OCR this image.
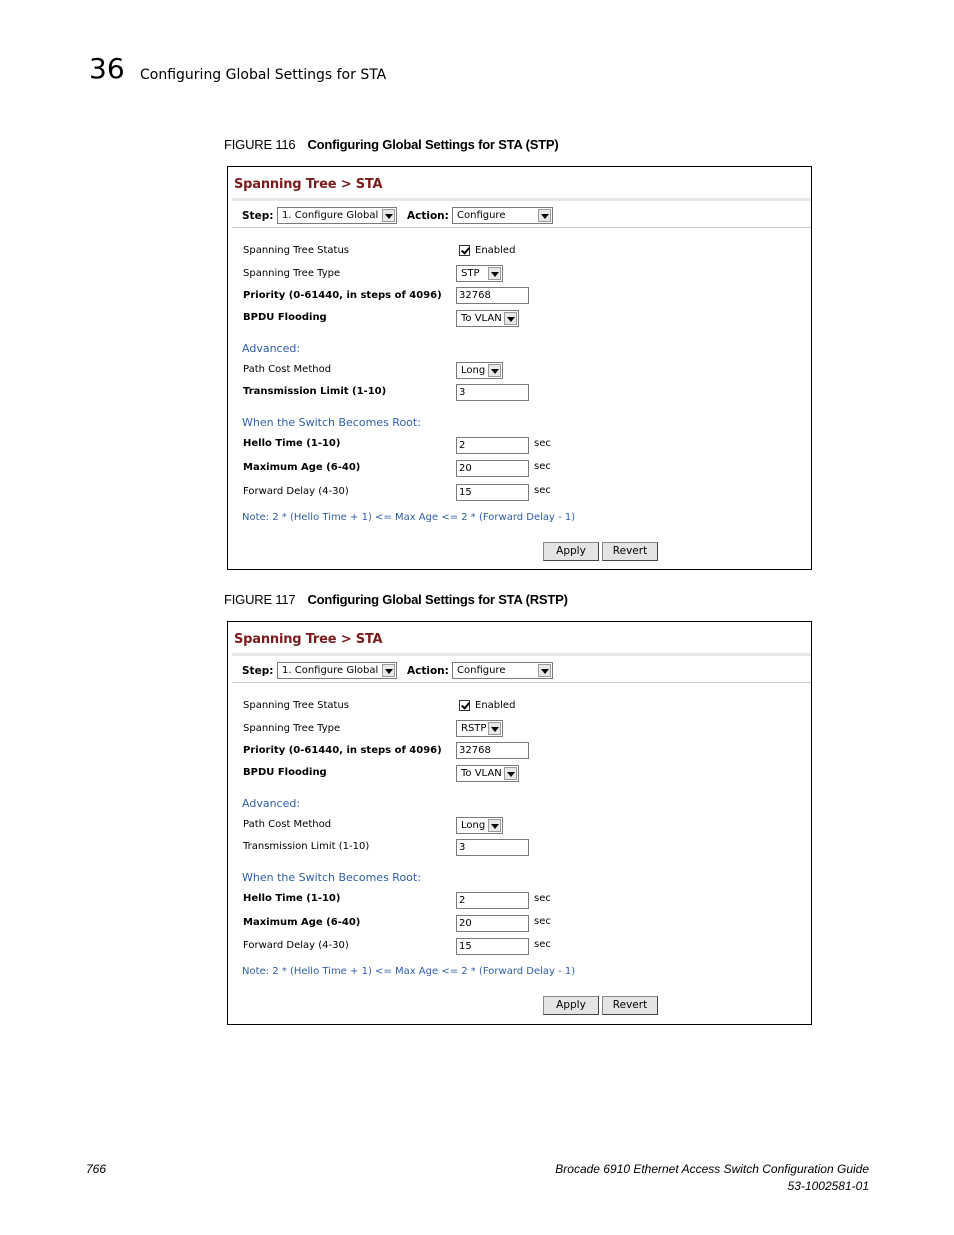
36 Configuring Global Settings for STA
FIGURE 116 Configuring Global Settings for STA (STP)
Spanning Tree > STA
Step: 1. Configure Global	Action: Configure
Spanning Tree Status	Enabled
Spanning Tree Type	STP
Priority (0-61440, in steps of 4096)	32768
BPDU Flooding	To VLAN
Advanced:
Path Cost Method	Long
Transmission Limit (1-10)	3
When the Switch Becomes Root:
Hello Time (1-10)	2	sec
Maximum Age (6-40)	20	sec
Forward Delay (4-30)	15	sec
Note: 2 * (Hello Time + 1) <= Max Age <= 2 * (Forward Delay - 1)
Apply	Revert
FIGURE 117 Configuring Global Settings for STA (RSTP)
Spanning Tree > STA
Step: 1. Configure Global	Action: Configure
Spanning Tree Status	Enabled
Spanning Tree Type	RSTP
Priority (0-61440, in steps of 4096)	32768
BPDU Flooding	To VLAN
Advanced:
Path Cost Method	Long
Transmission Limit (1-10)	3
When the Switch Becomes Root:
Hello Time (1-10)	2	sec
Maximum Age (6-40)	20	sec
Forward Delay (4-30)	15	sec
Note: 2 * (Hello Time + 1) <= Max Age <= 2 * (Forward Delay - 1)
Apply	Revert
766	Brocade 6910 Ethernet Access Switch Configuration Guide
53-1002581-01
